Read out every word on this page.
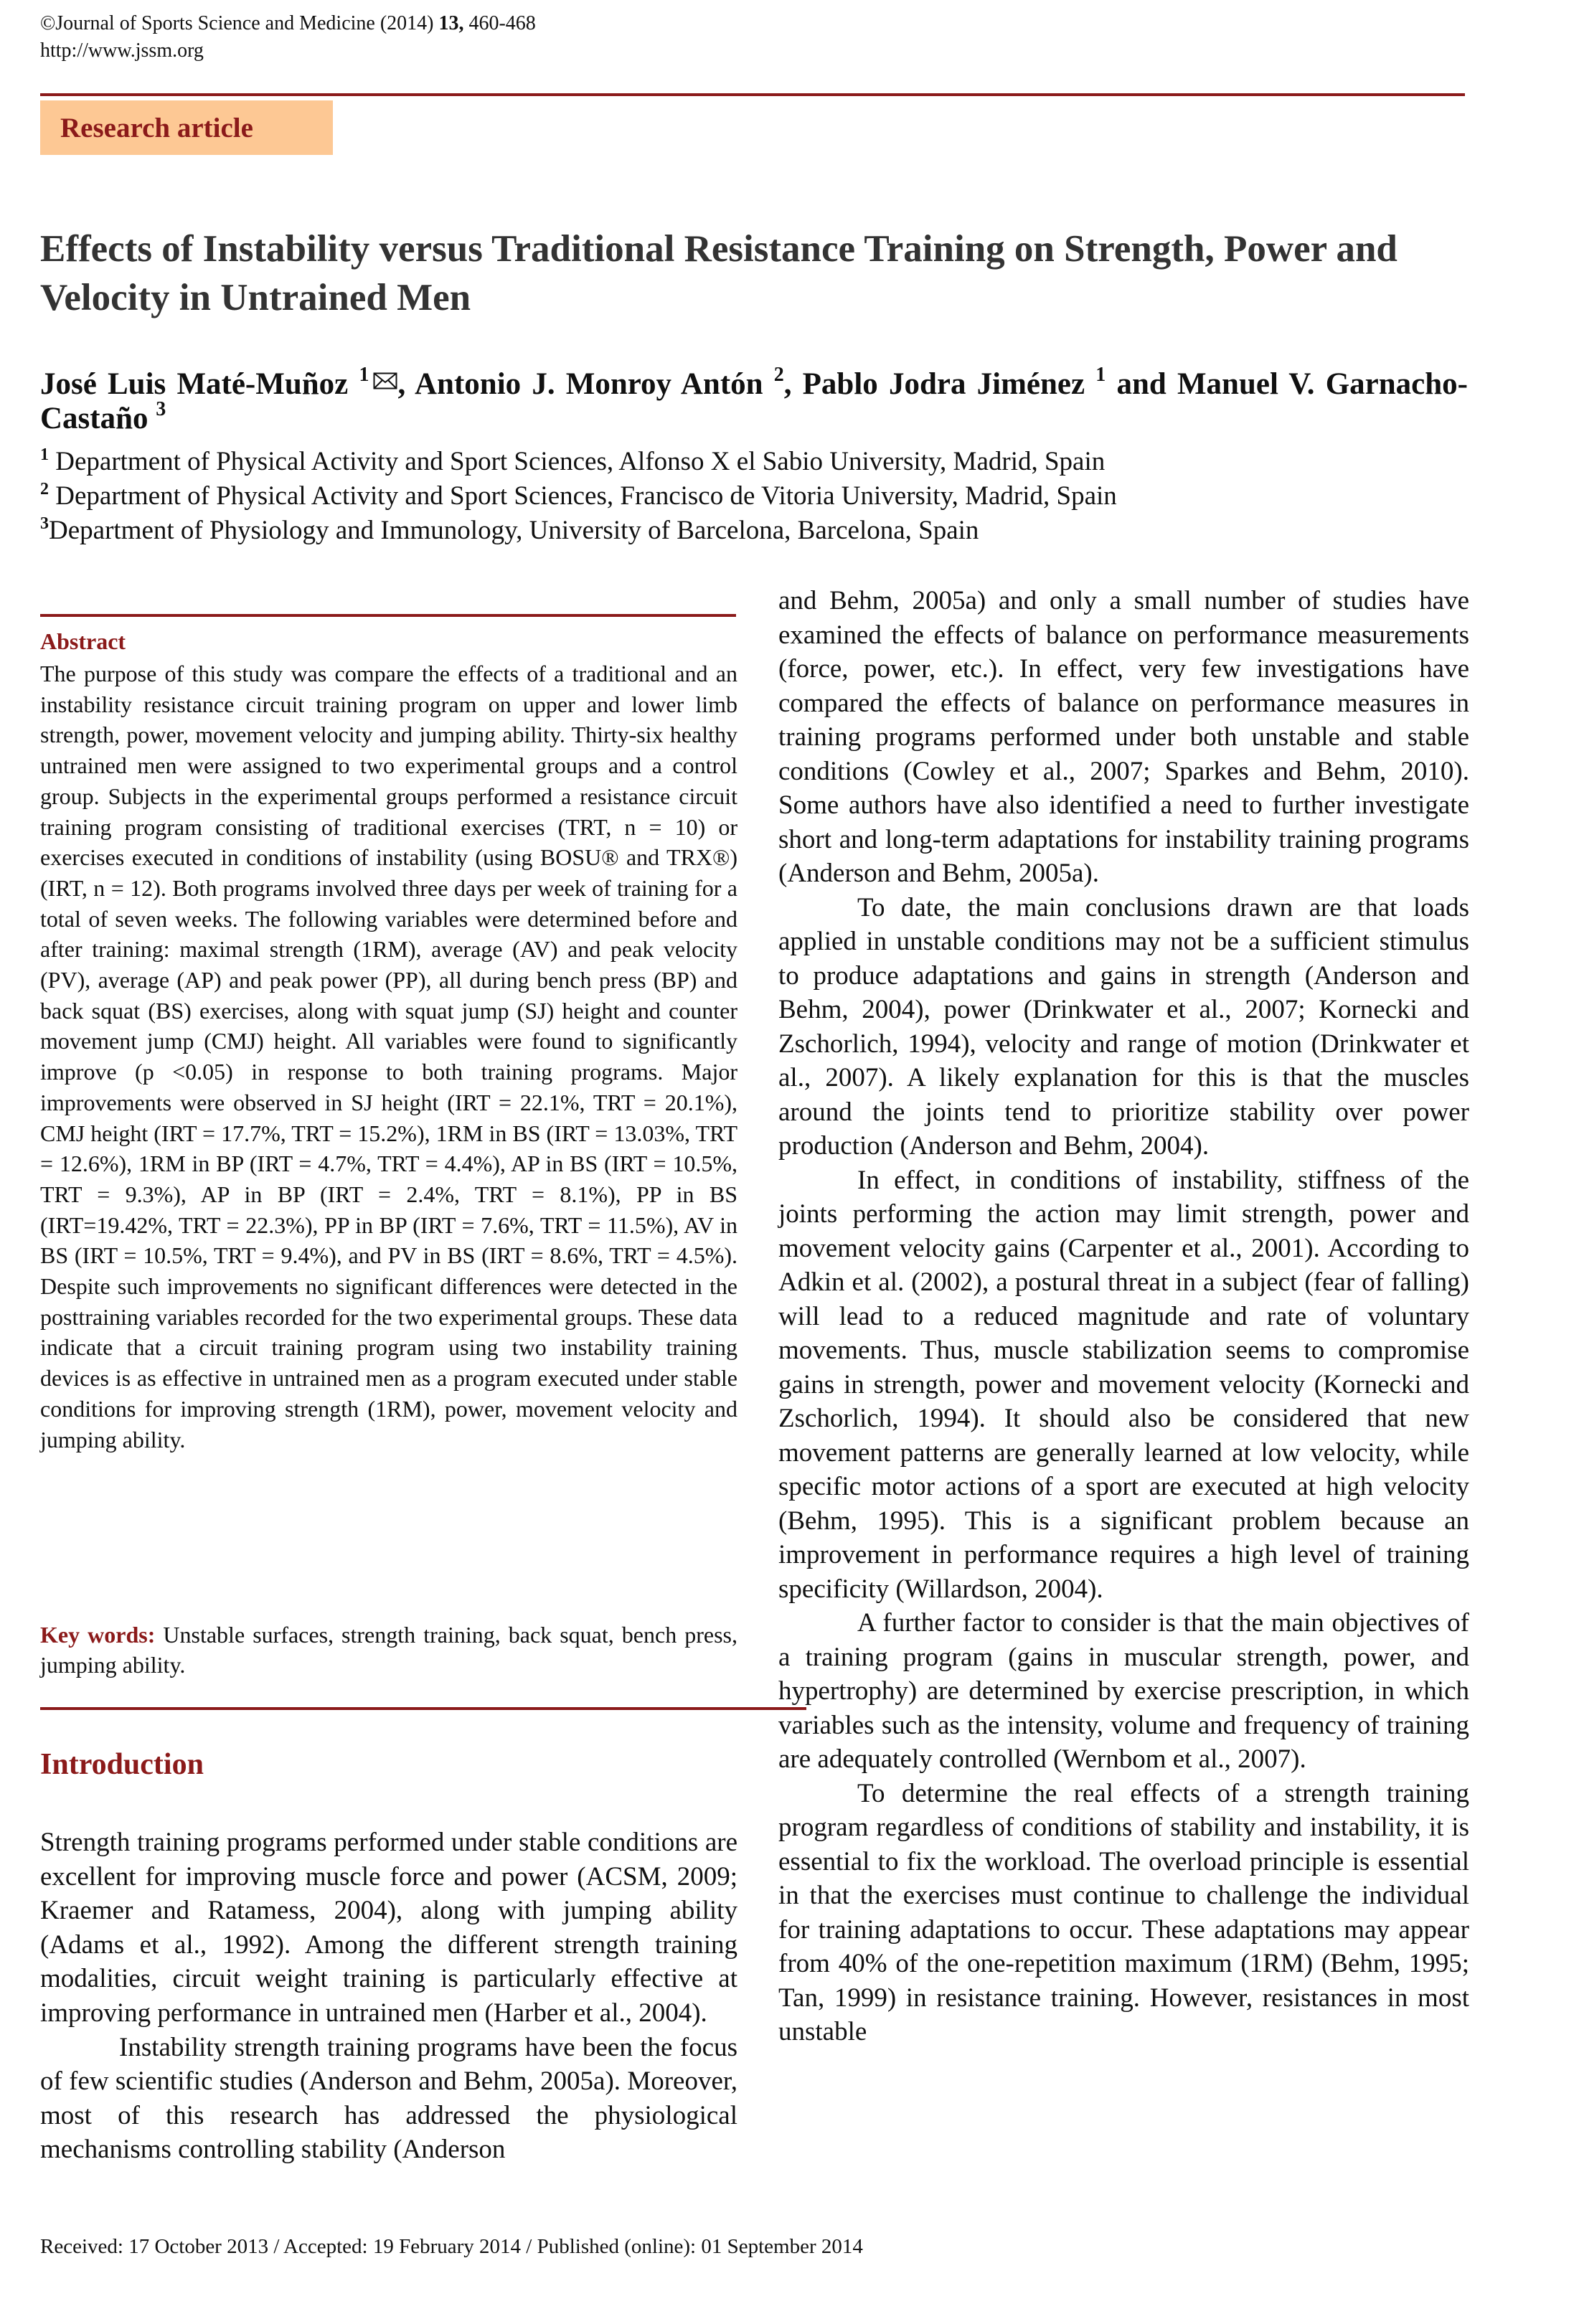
©Journal of Sports Science and Medicine (2014) 13, 460-468
http://www.jssm.org
Research article
Effects of Instability versus Traditional Resistance Training on Strength, Power and Velocity in Untrained Men
José Luis Maté-Muñoz $^1$ , Antonio J. Monroy Antón $^2$, Pablo Jodra Jiménez $^1$ and Manuel V. Garnacho-Castaño $^3$
$^1$ Department of Physical Activity and Sport Sciences, Alfonso X el Sabio University, Madrid, Spain
$^2$ Department of Physical Activity and Sport Sciences, Francisco de Vitoria University, Madrid, Spain
$^3$Department of Physiology and Immunology, University of Barcelona, Barcelona, Spain
Abstract
The purpose of this study was compare the effects of a traditional and an instability resistance circuit training program on upper and lower limb strength, power, movement velocity and jumping ability. Thirty-six healthy untrained men were assigned to two experimental groups and a control group. Subjects in the experimental groups performed a resistance circuit training program consisting of traditional exercises (TRT, n = 10) or exercises executed in conditions of instability (using BOSU® and TRX®) (IRT, n = 12). Both programs involved three days per week of training for a total of seven weeks. The following variables were determined before and after training: maximal strength (1RM), average (AV) and peak velocity (PV), average (AP) and peak power (PP), all during bench press (BP) and back squat (BS) exercises, along with squat jump (SJ) height and counter movement jump (CMJ) height. All variables were found to significantly improve (p <0.05) in response to both training programs. Major improvements were observed in SJ height (IRT = 22.1%, TRT = 20.1%), CMJ height (IRT = 17.7%, TRT = 15.2%), 1RM in BS (IRT = 13.03%, TRT = 12.6%), 1RM in BP (IRT = 4.7%, TRT = 4.4%), AP in BS (IRT = 10.5%, TRT = 9.3%), AP in BP (IRT = 2.4%, TRT = 8.1%), PP in BS (IRT=19.42%, TRT = 22.3%), PP in BP (IRT = 7.6%, TRT = 11.5%), AV in BS (IRT = 10.5%, TRT = 9.4%), and PV in BS (IRT = 8.6%, TRT = 4.5%). Despite such improvements no significant differences were detected in the posttraining variables recorded for the two experimental groups. These data indicate that a circuit training program using two instability training devices is as effective in untrained men as a program executed under stable conditions for improving strength (1RM), power, movement velocity and jumping ability.
Key words: Unstable surfaces, strength training, back squat, bench press, jumping ability.
Introduction

Strength training programs performed under stable conditions are excellent for improving muscle force and power (ACSM, 2009; Kraemer and Ratamess, 2004), along with jumping ability (Adams et al., 1992). Among the different strength training modalities, circuit weight training is particularly effective at improving performance in untrained men (Harber et al., 2004).

Instability strength training programs have been the focus of few scientific studies (Anderson and Behm, 2005a). Moreover, most of this research has addressed the physiological mechanisms controlling stability (Anderson

and Behm, 2005a) and only a small number of studies have examined the effects of balance on performance measurements (force, power, etc.). In effect, very few investigations have compared the effects of balance on performance measures in training programs performed under both unstable and stable conditions (Cowley et al., 2007; Sparkes and Behm, 2010). Some authors have also identified a need to further investigate short and long-term adaptations for instability training programs (Anderson and Behm, 2005a).

To date, the main conclusions drawn are that loads applied in unstable conditions may not be a sufficient stimulus to produce adaptations and gains in strength (Anderson and Behm, 2004), power (Drinkwater et al., 2007; Kornecki and Zschorlich, 1994), velocity and range of motion (Drinkwater et al., 2007). A likely explanation for this is that the muscles around the joints tend to prioritize stability over power production (Anderson and Behm, 2004).

In effect, in conditions of instability, stiffness of the joints performing the action may limit strength, power and movement velocity gains (Carpenter et al., 2001). According to Adkin et al. (2002), a postural threat in a subject (fear of falling) will lead to a reduced magnitude and rate of voluntary movements. Thus, muscle stabilization seems to compromise gains in strength, power and movement velocity (Kornecki and Zschorlich, 1994). It should also be considered that new movement patterns are generally learned at low velocity, while specific motor actions of a sport are executed at high velocity (Behm, 1995). This is a significant problem because an improvement in performance requires a high level of training specificity (Willardson, 2004).

A further factor to consider is that the main objectives of a training program (gains in muscular strength, power, and hypertrophy) are determined by exercise prescription, in which variables such as the intensity, volume and frequency of training are adequately controlled (Wernbom et al., 2007).

To determine the real effects of a strength training program regardless of conditions of stability and instability, it is essential to fix the workload. The overload principle is essential in that the exercises must continue to challenge the individual for training adaptations to occur. These adaptations may appear from 40% of the one-repetition maximum (1RM) (Behm, 1995; Tan, 1999) in resistance training. However, resistances in most unstable

Received: 17 October 2013 / Accepted: 19 February 2014 / Published (online): 01 September 2014
